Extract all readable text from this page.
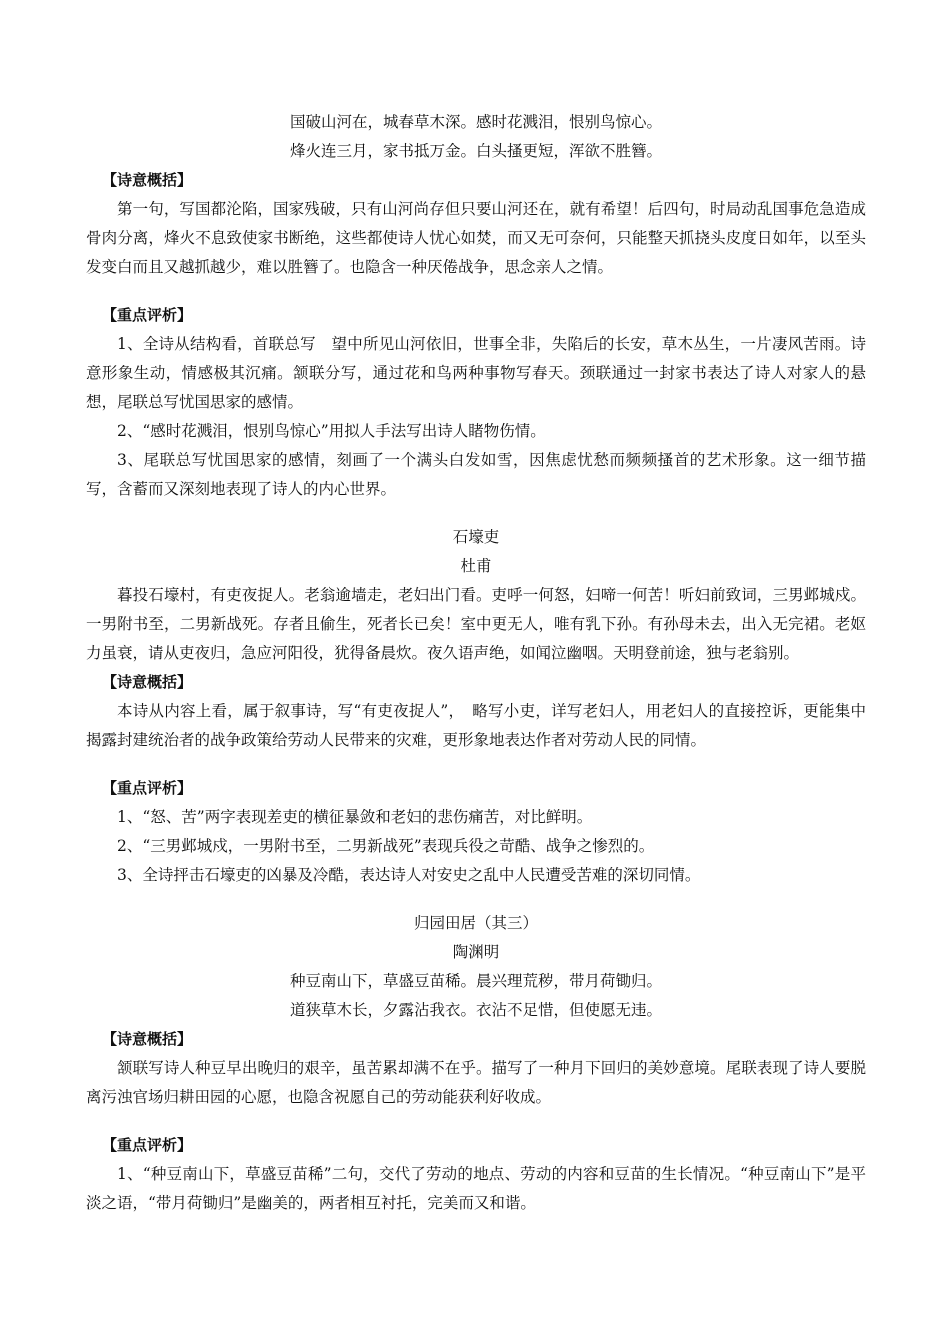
国破山河在，城春草木深。感时花溅泪，恨别鸟惊心。

烽火连三月，家书抵万金。白头搔更短，浑欲不胜簪。

【诗意概括】

第一句，写国都沦陷，国家残破，只有山河尚存但只要山河还在，就有希望！后四句，时局动乱国事危急造成骨肉分离，烽火不息致使家书断绝，这些都使诗人忧心如焚，而又无可奈何，只能整天抓挠头皮度日如年，以至头发变白而且又越抓越少，难以胜簪了。也隐含一种厌倦战争，思念亲人之情。

【重点评析】

1、全诗从结构看，首联总写　望中所见山河依旧，世事全非，失陷后的长安，草木丛生，一片凄风苦雨。诗意形象生动，情感极其沉痛。颔联分写，通过花和鸟两种事物写春天。颈联通过一封家书表达了诗人对家人的悬想，尾联总写忧国思家的感情。

2、“感时花溅泪，恨别鸟惊心”用拟人手法写出诗人睹物伤情。

3、尾联总写忧国思家的感情，刻画了一个满头白发如雪，因焦虑忧愁而频频搔首的艺术形象。这一细节描写，含蓄而又深刻地表现了诗人的内心世界。

石壕吏

杜甫

暮投石壕村，有吏夜捉人。老翁逾墙走，老妇出门看。吏呼一何怒，妇啼一何苦！听妇前致词，三男邺城戍。一男附书至，二男新战死。存者且偷生，死者长已矣！室中更无人，唯有乳下孙。有孙母未去，出入无完裙。老妪力虽衰，请从吏夜归，急应河阳役，犹得备晨炊。夜久语声绝，如闻泣幽咽。天明登前途，独与老翁别。

【诗意概括】

本诗从内容上看，属于叙事诗，写“有吏夜捉人”，　略写小吏，详写老妇人，用老妇人的直接控诉，更能集中揭露封建统治者的战争政策给劳动人民带来的灾难，更形象地表达作者对劳动人民的同情。

【重点评析】

1、“怒、苦”两字表现差吏的横征暴敛和老妇的悲伤痛苦，对比鲜明。

2、“三男邺城戍，一男附书至，二男新战死”表现兵役之苛酷、战争之惨烈的。

3、全诗抨击石壕吏的凶暴及冷酷，表达诗人对安史之乱中人民遭受苦难的深切同情。

归园田居（其三）

陶渊明

种豆南山下，草盛豆苗稀。晨兴理荒秽，带月荷锄归。

道狭草木长，夕露沾我衣。衣沾不足惜，但使愿无违。

【诗意概括】

颔联写诗人种豆早出晚归的艰辛，虽苦累却满不在乎。描写了一种月下回归的美妙意境。尾联表现了诗人要脱离污浊官场归耕田园的心愿，也隐含祝愿自己的劳动能获利好收成。

【重点评析】

1、“种豆南山下，草盛豆苗稀”二句，交代了劳动的地点、劳动的内容和豆苗的生长情况。“种豆南山下”是平淡之语，“带月荷锄归”是幽美的，两者相互衬托，完美而又和谐。
